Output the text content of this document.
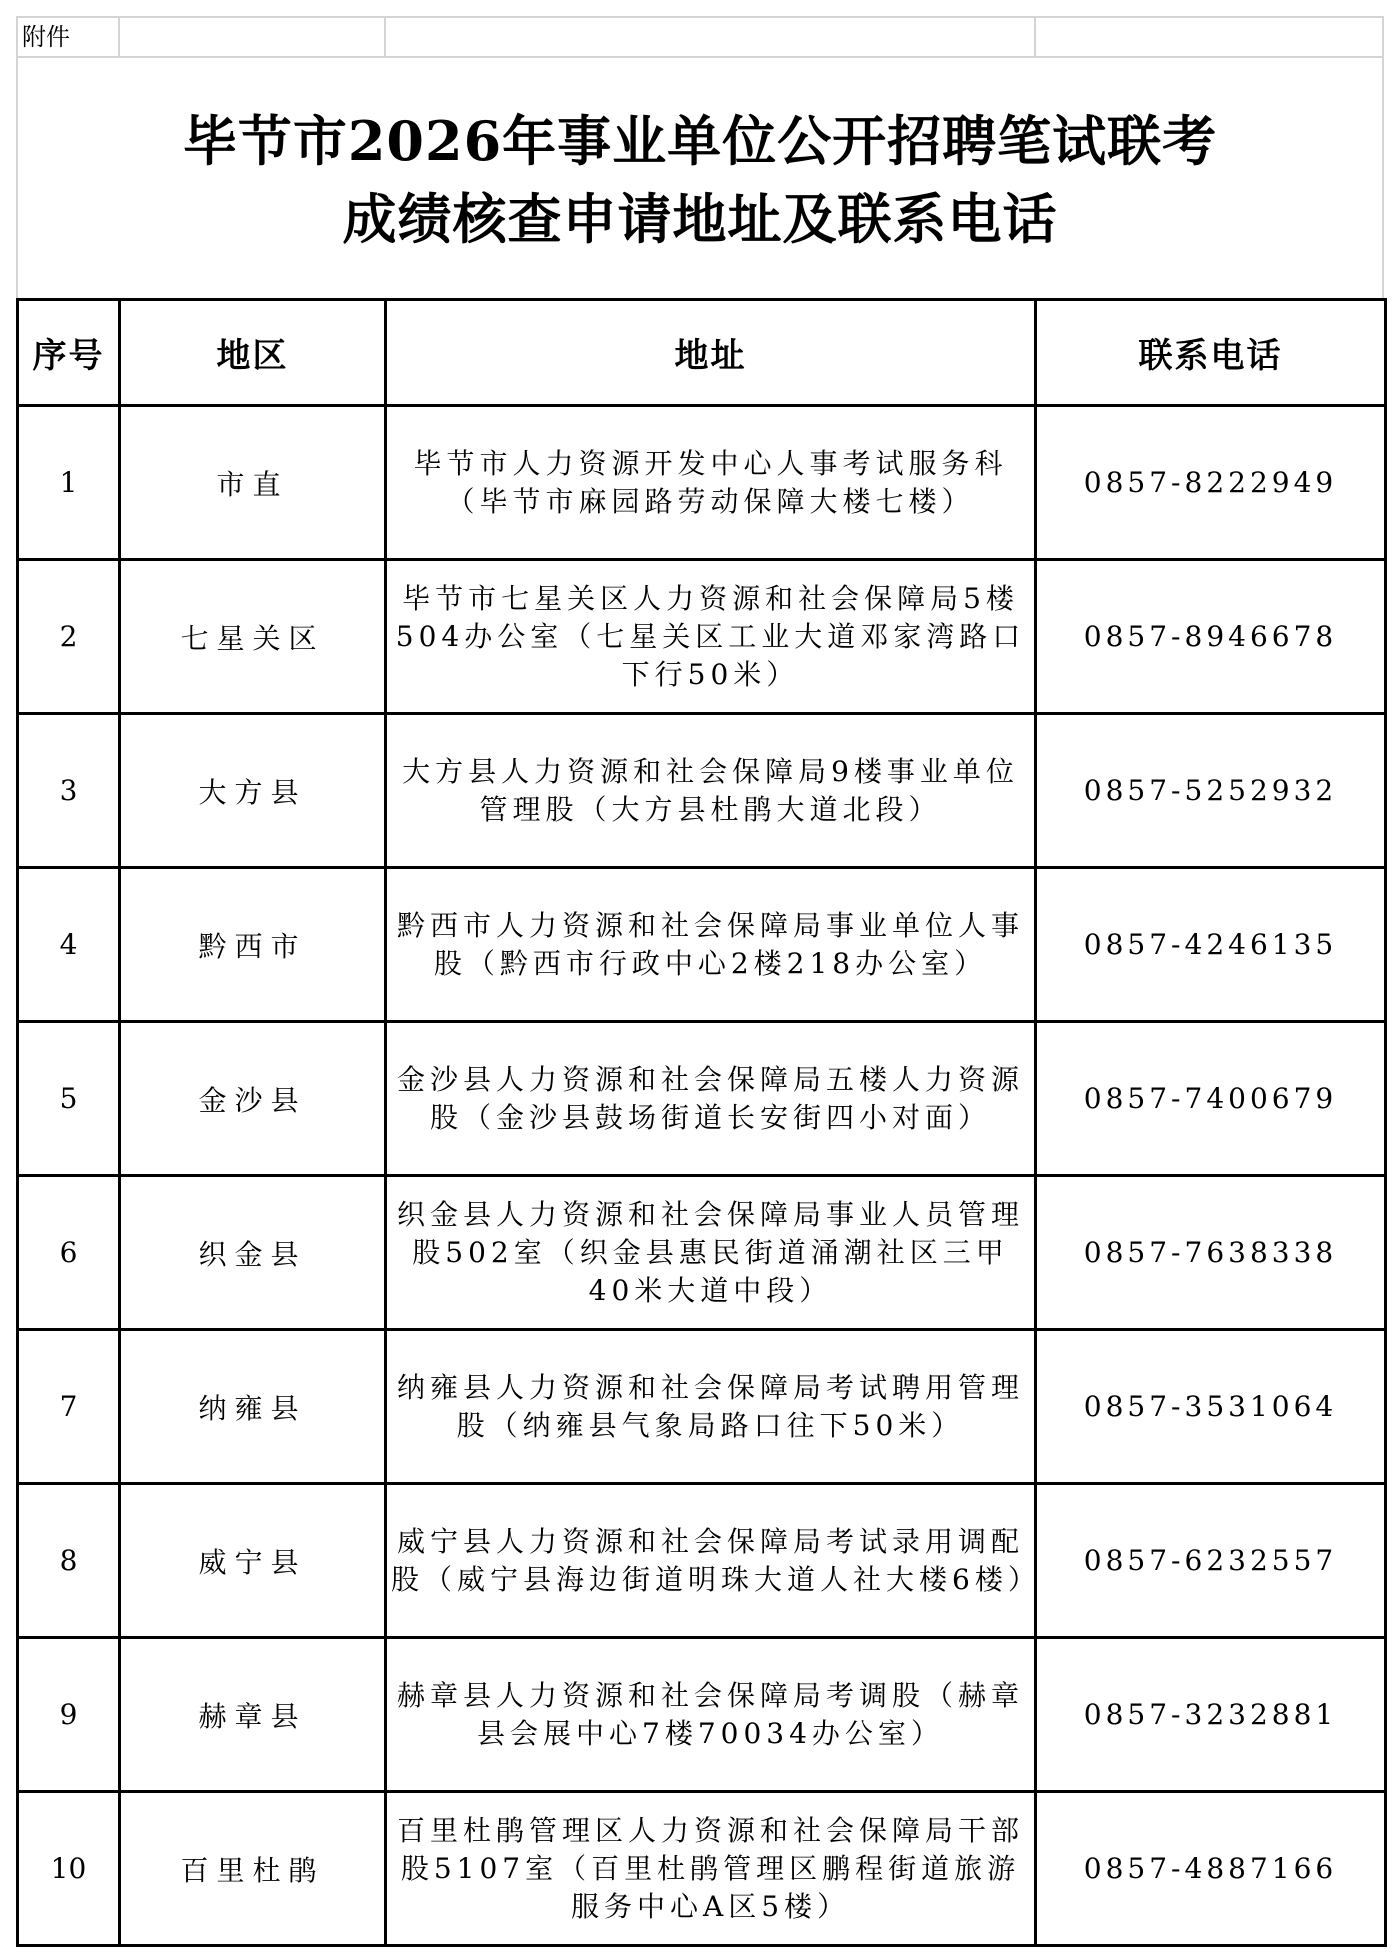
附件
毕节市2026年事业单位公开招聘笔试联考
成绩核查申请地址及联系电话
序号	地区	地址	联系电话
1	市直	毕节市人力资源开发中心人事考试服务科（毕节市麻园路劳动保障大楼七楼）	0857-8222949
2	七星关区	毕节市七星关区人力资源和社会保障局5楼504办公室（七星关区工业大道邓家湾路口下行50米）	0857-8946678
3	大方县	大方县人力资源和社会保障局9楼事业单位管理股（大方县杜鹃大道北段）	0857-5252932
4	黔西市	黔西市人力资源和社会保障局事业单位人事股（黔西市行政中心2楼218办公室）	0857-4246135
5	金沙县	金沙县人力资源和社会保障局五楼人力资源股（金沙县鼓场街道长安街四小对面）	0857-7400679
6	织金县	织金县人力资源和社会保障局事业人员管理股502室（织金县惠民街道涌潮社区三甲40米大道中段）	0857-7638338
7	纳雍县	纳雍县人力资源和社会保障局考试聘用管理股（纳雍县气象局路口往下50米）	0857-3531064
8	威宁县	威宁县人力资源和社会保障局考试录用调配股（威宁县海边街道明珠大道人社大楼6楼）	0857-6232557
9	赫章县	赫章县人力资源和社会保障局考调股（赫章县会展中心7楼70034办公室）	0857-3232881
10	百里杜鹃	百里杜鹃管理区人力资源和社会保障局干部股5107室（百里杜鹃管理区鹏程街道旅游服务中心A区5楼）	0857-4887166
